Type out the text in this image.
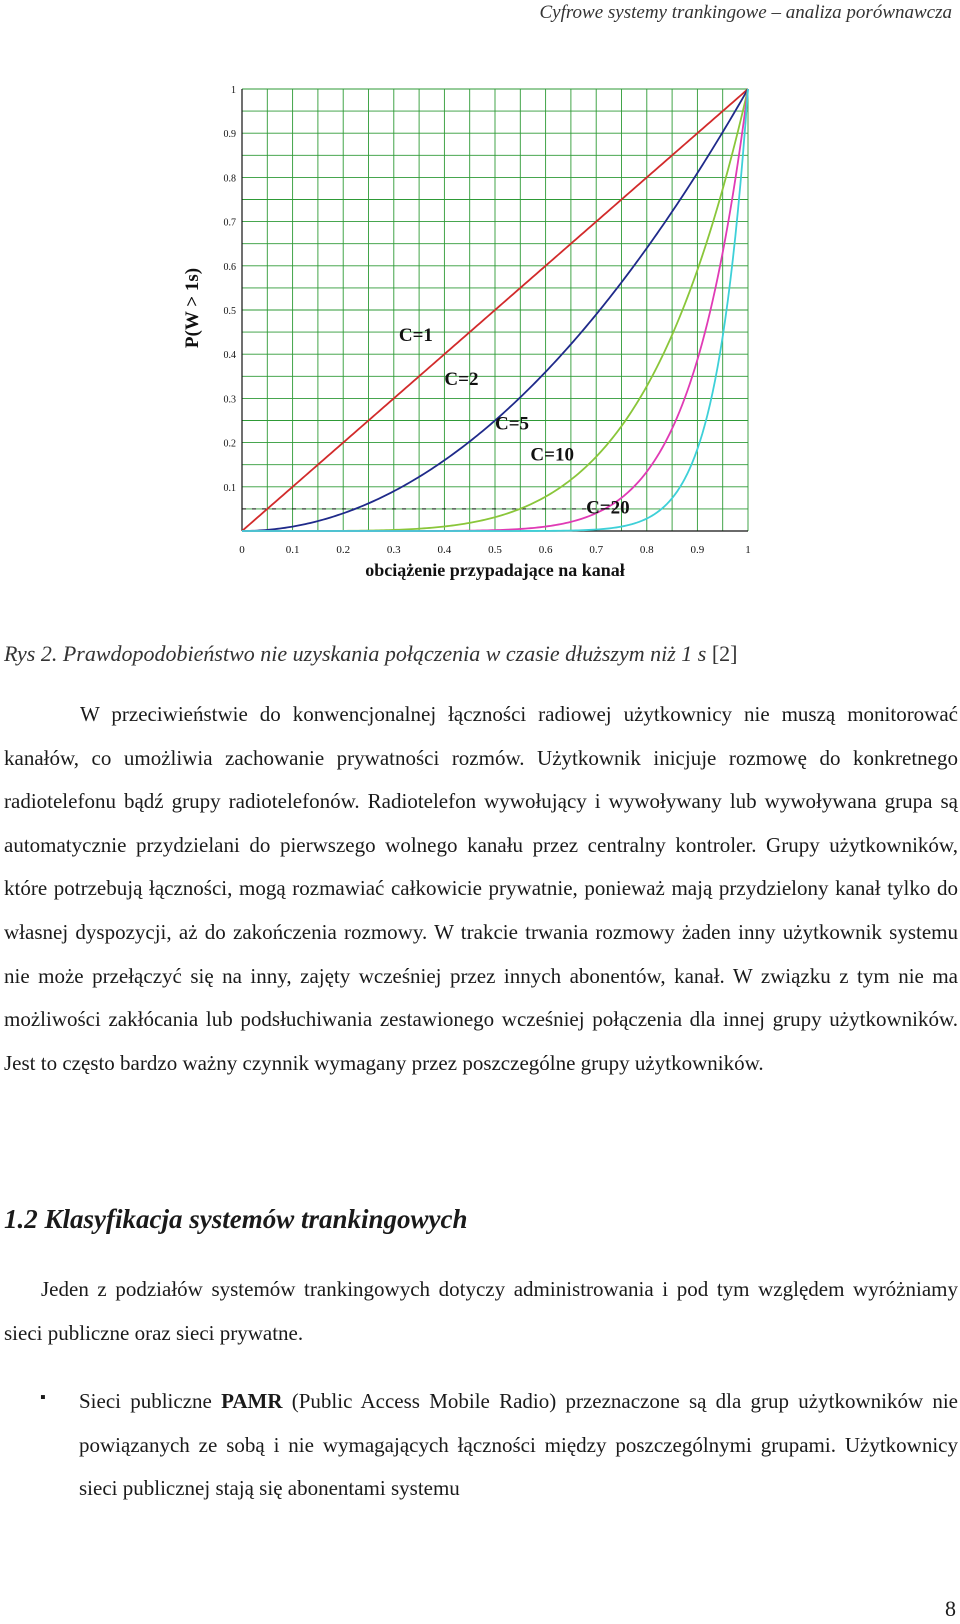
Cyfrowe systemy trankingowe – analiza porównawcza
0	0.1	0.2	0.3	0.4	0.5	0.6	0.7	0.8	0.9	1
0.1
0.2
0.3
0.4
0.5
0.6
0.7
0.8
0.9
1
C=1
C=2
C=5
C=10
C=20
P(W > 1s)
obciążenie przypadające na kanał
Rys 2. Prawdopodobieństwo nie uzyskania połączenia w czasie dłuższym niż 1 s [2]

W przeciwieństwie do konwencjonalnej łączności radiowej użytkownicy nie muszą monitorować kanałów, co umożliwia zachowanie prywatności rozmów. Użytkownik inicjuje rozmowę do konkretnego radiotelefonu bądź grupy radiotelefonów. Radiotelefon wywołujący i wywoływany lub wywoływana grupa są automatycznie przydzielani do pierwszego wolnego kanału przez centralny kontroler. Grupy użytkowników, które potrzebują łączności, mogą rozmawiać całkowicie prywatnie, ponieważ mają przydzielony kanał tylko do własnej dyspozycji, aż do zakończenia rozmowy. W trakcie trwania rozmowy żaden inny użytkownik systemu nie może przełączyć się na inny, zajęty wcześniej przez innych abonentów, kanał. W związku z tym nie ma możliwości zakłócania lub podsłuchiwania zestawionego wcześniej połączenia dla innej grupy użytkowników. Jest to często bardzo ważny czynnik wymagany przez poszczególne grupy użytkowników.

1.2 Klasyfikacja systemów trankingowych

Jeden z podziałów systemów trankingowych dotyczy administrowania i pod tym względem wyróżniamy sieci publiczne oraz sieci prywatne.

▪ Sieci publiczne PAMR (Public Access Mobile Radio) przeznaczone są dla grup użytkowników nie powiązanych ze sobą i nie wymagających łączności między poszczególnymi grupami. Użytkownicy sieci publicznej stają się abonentami systemu

8
